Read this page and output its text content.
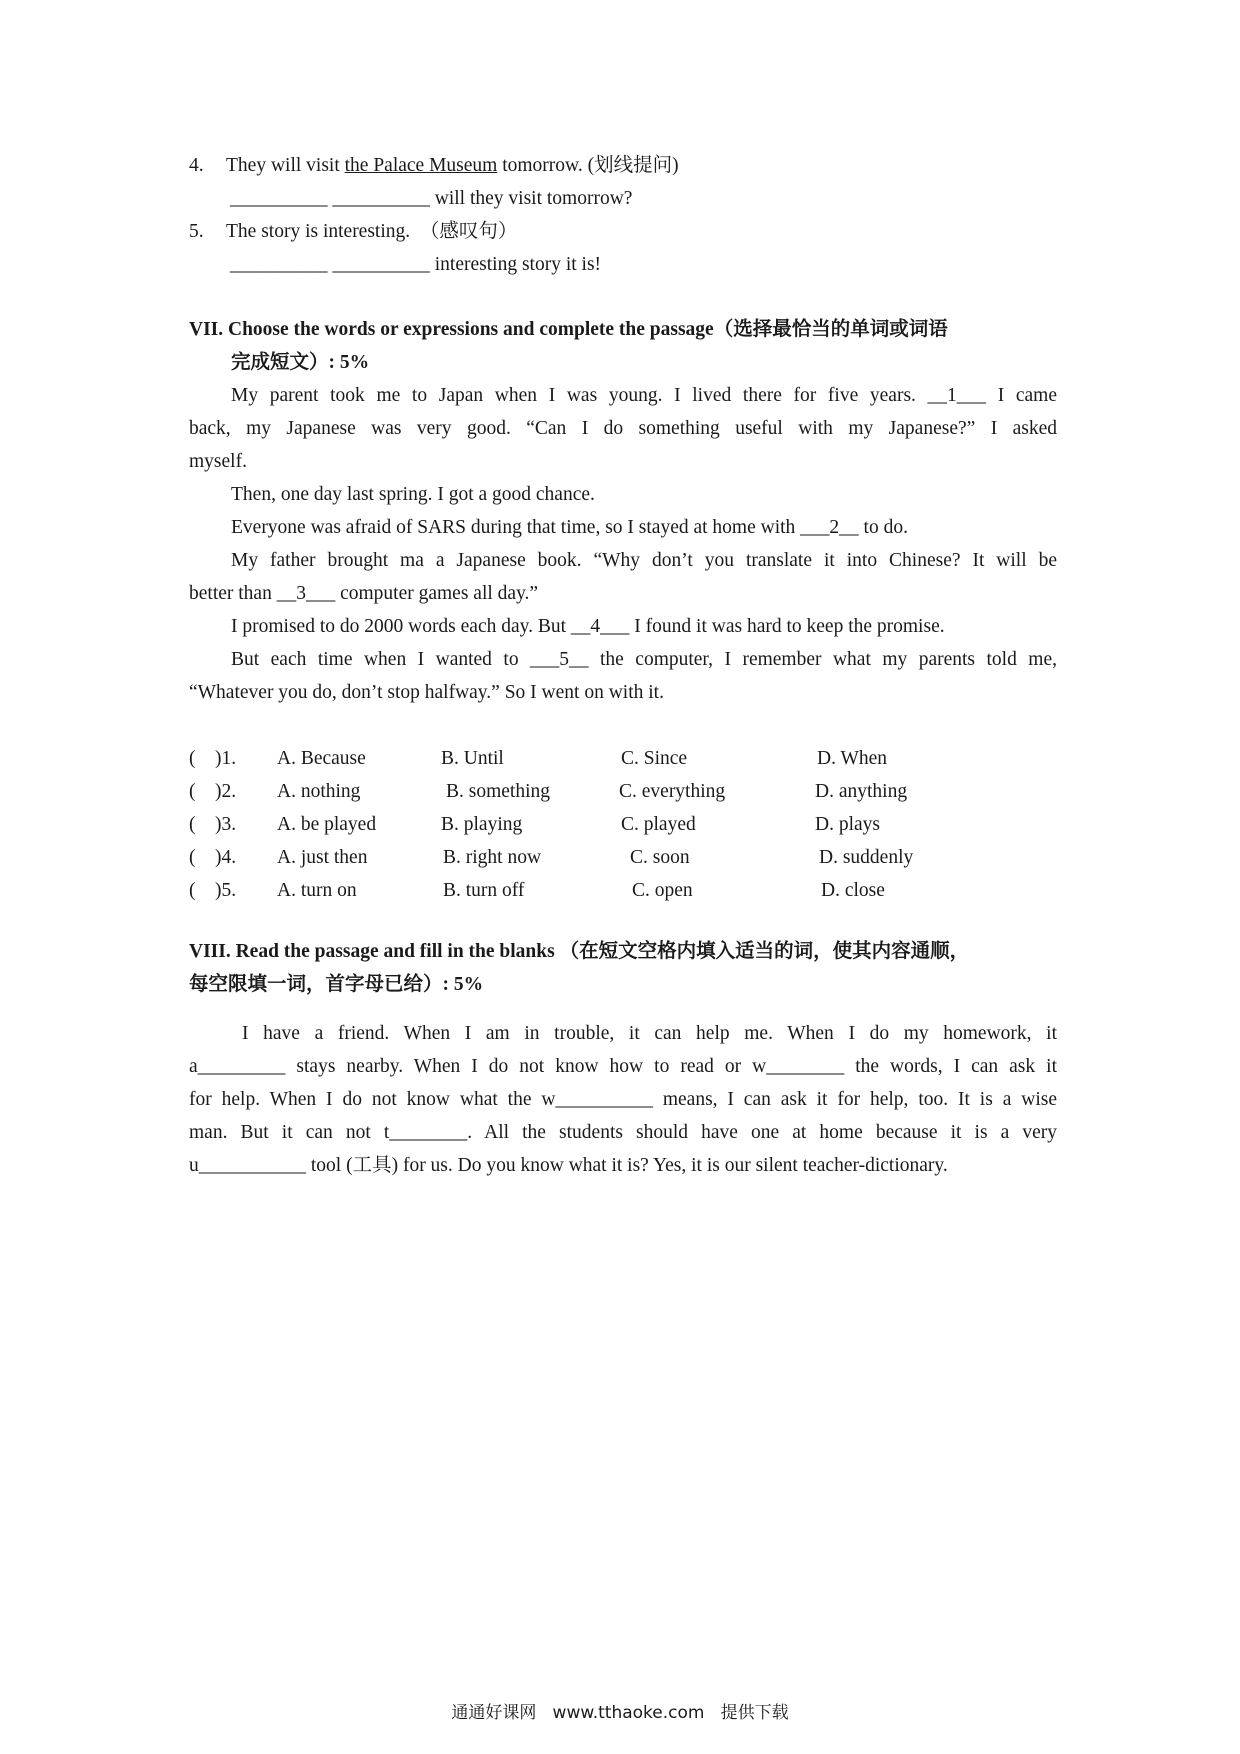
4. They will visit the Palace Museum tomorrow. (划线提问)
__________ __________ will they visit tomorrow?
5. The story is interesting.  （感叹句）
__________ __________ interesting story it is!
VII. Choose the words or expressions and complete the passage（选择最恰当的单词或词语
完成短文）: 5%
My parent took me to Japan when I was young. I lived there for five years. __1___ I came
back, my Japanese was very good. “Can I do something useful with my Japanese?” I asked
myself.
Then, one day last spring. I got a good chance.
Everyone was afraid of SARS during that time, so I stayed at home with ___2__ to do.
My father brought ma a Japanese book. “Why don’t you translate it into Chinese? It will be
better than __3___ computer games all day.”
I promised to do 2000 words each day. But __4___ I found it was hard to keep the promise.
But each time when I wanted to ___5__ the computer, I remember what my parents told me,
“Whatever you do, don’t stop halfway.” So I went on with it.
(    )1. A. Because	B. Until	C. Since	D. When
(    )2. A. nothing	B. something	C. everything	D. anything
(    )3. A. be played	B. playing	C. played	D. plays
(    )4. A. just then	B. right now	C. soon	D. suddenly
(    )5. A. turn on	B. turn off	C. open	D. close
VIII. Read the passage and fill in the blanks （在短文空格内填入适当的词，使其内容通顺，
每空限填一词，首字母已给）: 5%
I have a friend. When I am in trouble, it can help me. When I do my homework, it
a_________ stays nearby. When I do not know how to read or w________ the words, I can ask it
for help. When I do not know what the w__________ means, I can ask it for help, too. It is a wise
man. But it can not t________. All the students should have one at home because it is a very
u___________ tool (工具) for us. Do you know what it is? Yes, it is our silent teacher-dictionary.
通通好课网   www.tthaoke.com   提供下载
